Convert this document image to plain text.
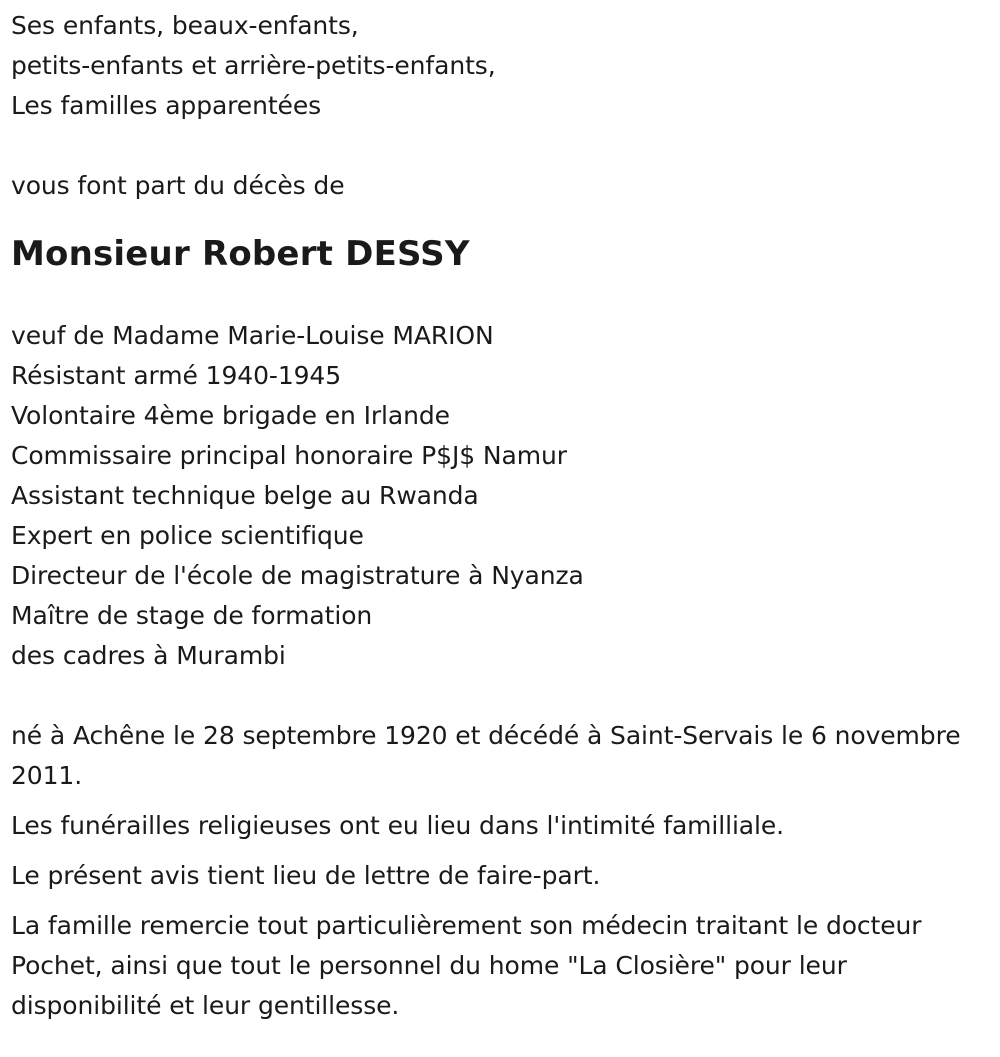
Ses enfants, beaux-enfants,
petits-enfants et arrière-petits-enfants,
Les familles apparentées
vous font part du décès de
Monsieur Robert DESSY
veuf de Madame Marie-Louise MARION
Résistant armé 1940-1945
Volontaire 4ème brigade en Irlande
Commissaire principal honoraire P$J$ Namur
Assistant technique belge au Rwanda
Expert en police scientifique
Directeur de l'école de magistrature à Nyanza
Maître de stage de formation
des cadres à Murambi

né à Achêne le 28 septembre 1920 et décédé à Saint-Servais le 6 novembre 2011.

Les funérailles religieuses ont eu lieu dans l'intimité familliale.

Le présent avis tient lieu de lettre de faire-part.

La famille remercie tout particulièrement son médecin traitant le docteur Pochet, ainsi que tout le personnel du home "La Closière" pour leur disponibilité et leur gentillesse.
